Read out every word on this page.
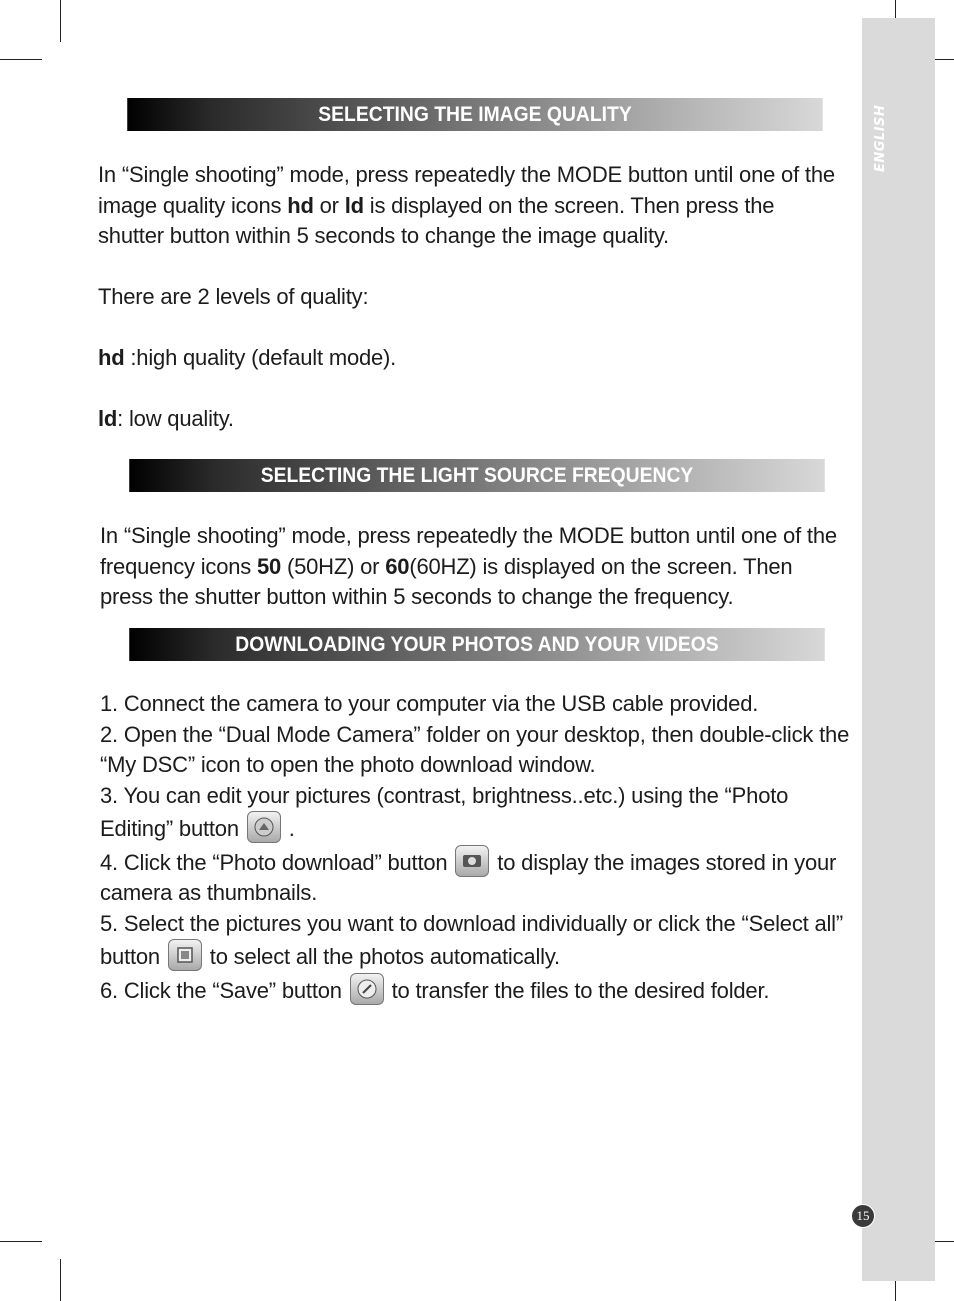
ENGLISH
15
SELECTING THE IMAGE QUALITY

In “Single shooting” mode, press repeatedly the MODE button until one of the image quality icons hd or ld is displayed on the screen. Then press the shutter button within 5 seconds to change the image quality.

There are 2 levels of quality:

hd :high quality (default mode).

ld: low quality.

SELECTING THE LIGHT SOURCE FREQUENCY

In “Single shooting” mode, press repeatedly the MODE button until one of the frequency icons 50 (50HZ) or 60(60HZ) is displayed on the screen. Then press the shutter button within 5 seconds to change the frequency.

DOWNLOADING YOUR PHOTOS AND YOUR VIDEOS

1. Connect the camera to your computer via the USB cable provided.

2. Open the “Dual Mode Camera” folder on your desktop, then double-click the “My DSC” icon to open the photo download window.

3. You can edit your pictures (contrast, brightness..etc.) using the “Photo Editing” button
.

4. Click the “Photo download” button
to display the images stored in your camera as thumbnails.

5. Select the pictures you want to download individually or click the “Select all” button
to select all the photos automatically.

6. Click the “Save” button
to transfer the files to the desired folder.
